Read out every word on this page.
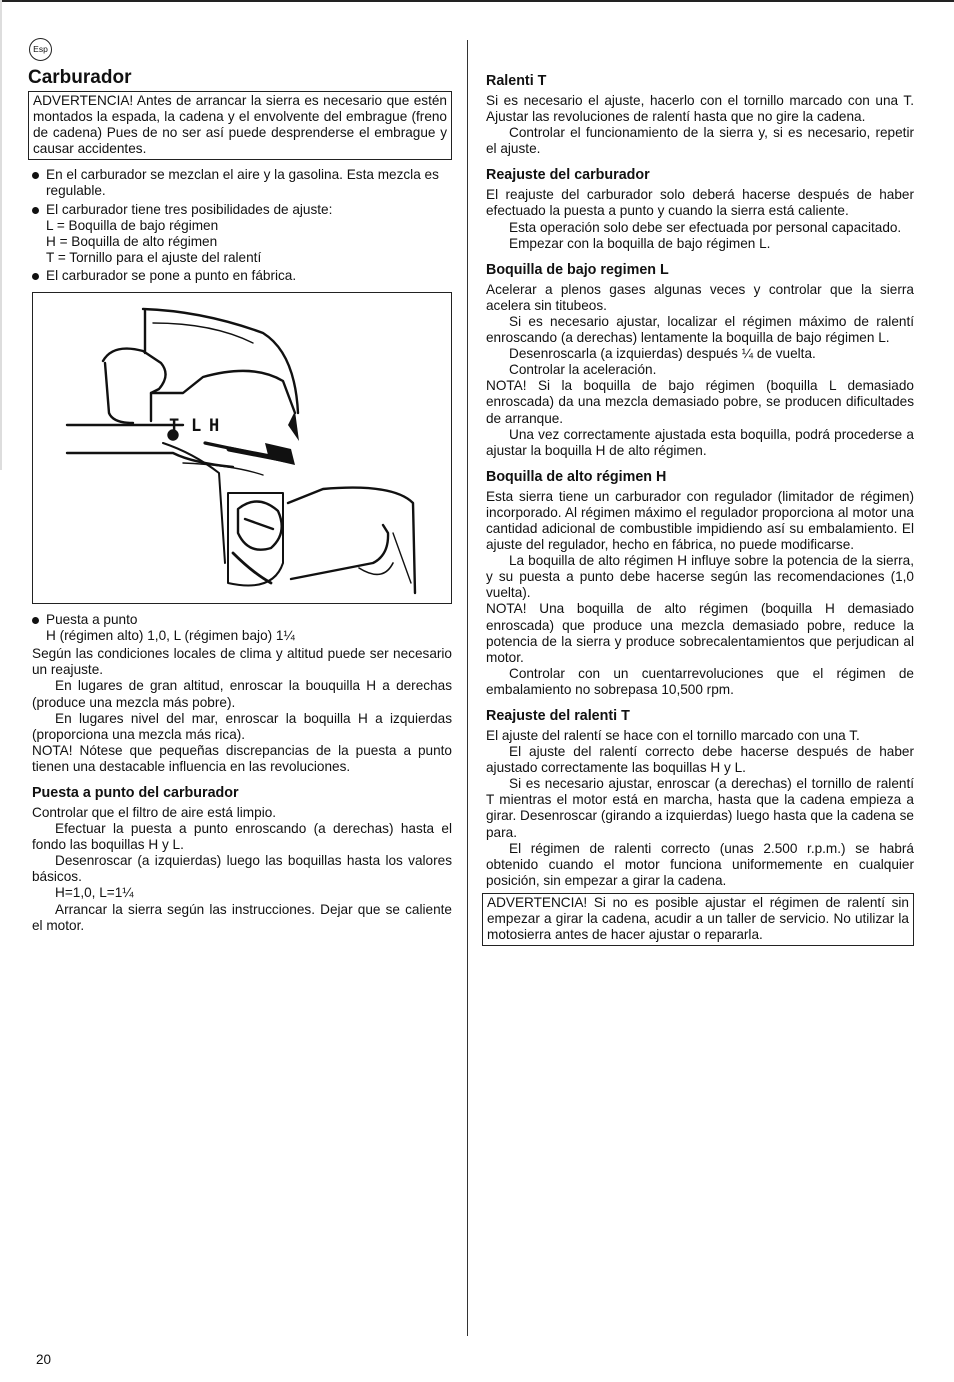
Esp
Carburador
ADVERTENCIA! Antes de arrancar la sierra es necesario que estén montados la espada, la cadena y el envolvente del embrague (freno de cadena) Pues de no ser así puede desprenderse el embrague y causar accidentes.
En el carburador se mezclan el aire y la gasolina. Esta mezcla es regulable.
El carburador tiene tres posibilidades de ajuste:
L = Boquilla de bajo régimen
H = Boquilla de alto régimen
T = Tornillo para el ajuste del ralentí
El carburador se pone a punto en fábrica.
T L H
Puesta a punto
H (régimen alto) 1,0, L (régimen bajo) 1¼

Según las condiciones locales de clima y altitud puede ser necesario un reajuste.

En lugares de gran altitud, enroscar la bouquilla H a derechas (produce una mezcla más pobre).

En lugares nivel del mar, enroscar la boquilla H a izquierdas (proporciona una mezcla más rica).

NOTA! Nótese que pequeñas discrepancias de la puesta a punto tienen una destacable influencia en las revoluciones.

Puesta a punto del carburador

Controlar que el filtro de aire está limpio.

Efectuar la puesta a punto enroscando (a derechas) hasta el fondo las boquillas H y L.

Desenroscar (a izquierdas) luego las boquillas hasta los valores básicos.

H=1,0, L=1¼

Arrancar la sierra según las instrucciones. Dejar que se caliente el motor.

Ralenti T

Si es necesario el ajuste, hacerlo con el tornillo marcado con una T. Ajustar las revoluciones de ralentí hasta que no gire la cadena.

Controlar el funcionamiento de la sierra y, si es necesario, repetir el ajuste.

Reajuste del carburador

El reajuste del carburador solo deberá hacerse después de haber efectuado la puesta a punto y cuando la sierra está caliente.

Esta operación solo debe ser efectuada por personal capacitado.

Empezar con la boquilla de bajo régimen L.

Boquilla de bajo regimen L

Acelerar a plenos gases algunas veces y controlar que la sierra acelera sin titubeos.

Si es necesario ajustar, localizar el régimen máximo de ralentí enroscando (a derechas) lentamente la boquilla de bajo régimen L.

Desenroscarla (a izquierdas) después ¼ de vuelta.

Controlar la aceleración.

NOTA! Si la boquilla de bajo régimen (boquilla L demasiado enroscada) da una mezcla demasiado pobre, se producen dificultades de arranque.

Una vez correctamente ajustada esta boquilla, podrá procederse a ajustar la boquilla H de alto régimen.

Boquilla de alto régimen H

Esta sierra tiene un carburador con regulador (limitador de régimen) incorporado. Al régimen máximo el regulador proporciona al motor una cantidad adicional de combustible impidiendo así su embalamiento. El ajuste del regulador, hecho en fábrica, no puede modificarse.

La boquilla de alto régimen H influye sobre la potencia de la sierra, y su puesta a punto debe hacerse según las recomendaciones (1,0 vuelta).

NOTA! Una boquilla de alto régimen (boquilla H demasiado enroscada) que produce una mezcla demasiado pobre, reduce la potencia de la sierra y produce sobrecalentamientos que perjudican al motor.

Controlar con un cuentarrevoluciones que el régimen de embalamiento no sobrepasa 10,500 rpm.

Reajuste del ralenti T

El ajuste del ralentí se hace con el tornillo marcado con una T.

El ajuste del ralentí correcto debe hacerse después de haber ajustado correctamente las boquillas H y L.

Si es necesario ajustar, enroscar (a derechas) el tornillo de ralentí T mientras el motor está en marcha, hasta que la cadena empieza a girar. Desenroscar (girando a izquierdas) luego hasta que la cadena se para.

El régimen de ralenti correcto (unas 2.500 r.p.m.) se habrá obtenido cuando el motor funciona uniformemente en cualquier posición, sin empezar a girar la cadena.

ADVERTENCIA! Si no es posible ajustar el régimen de ralentí sin empezar a girar la cadena, acudir a un taller de servicio. No utilizar la motosierra antes de hacer ajustar o repararla.
20
